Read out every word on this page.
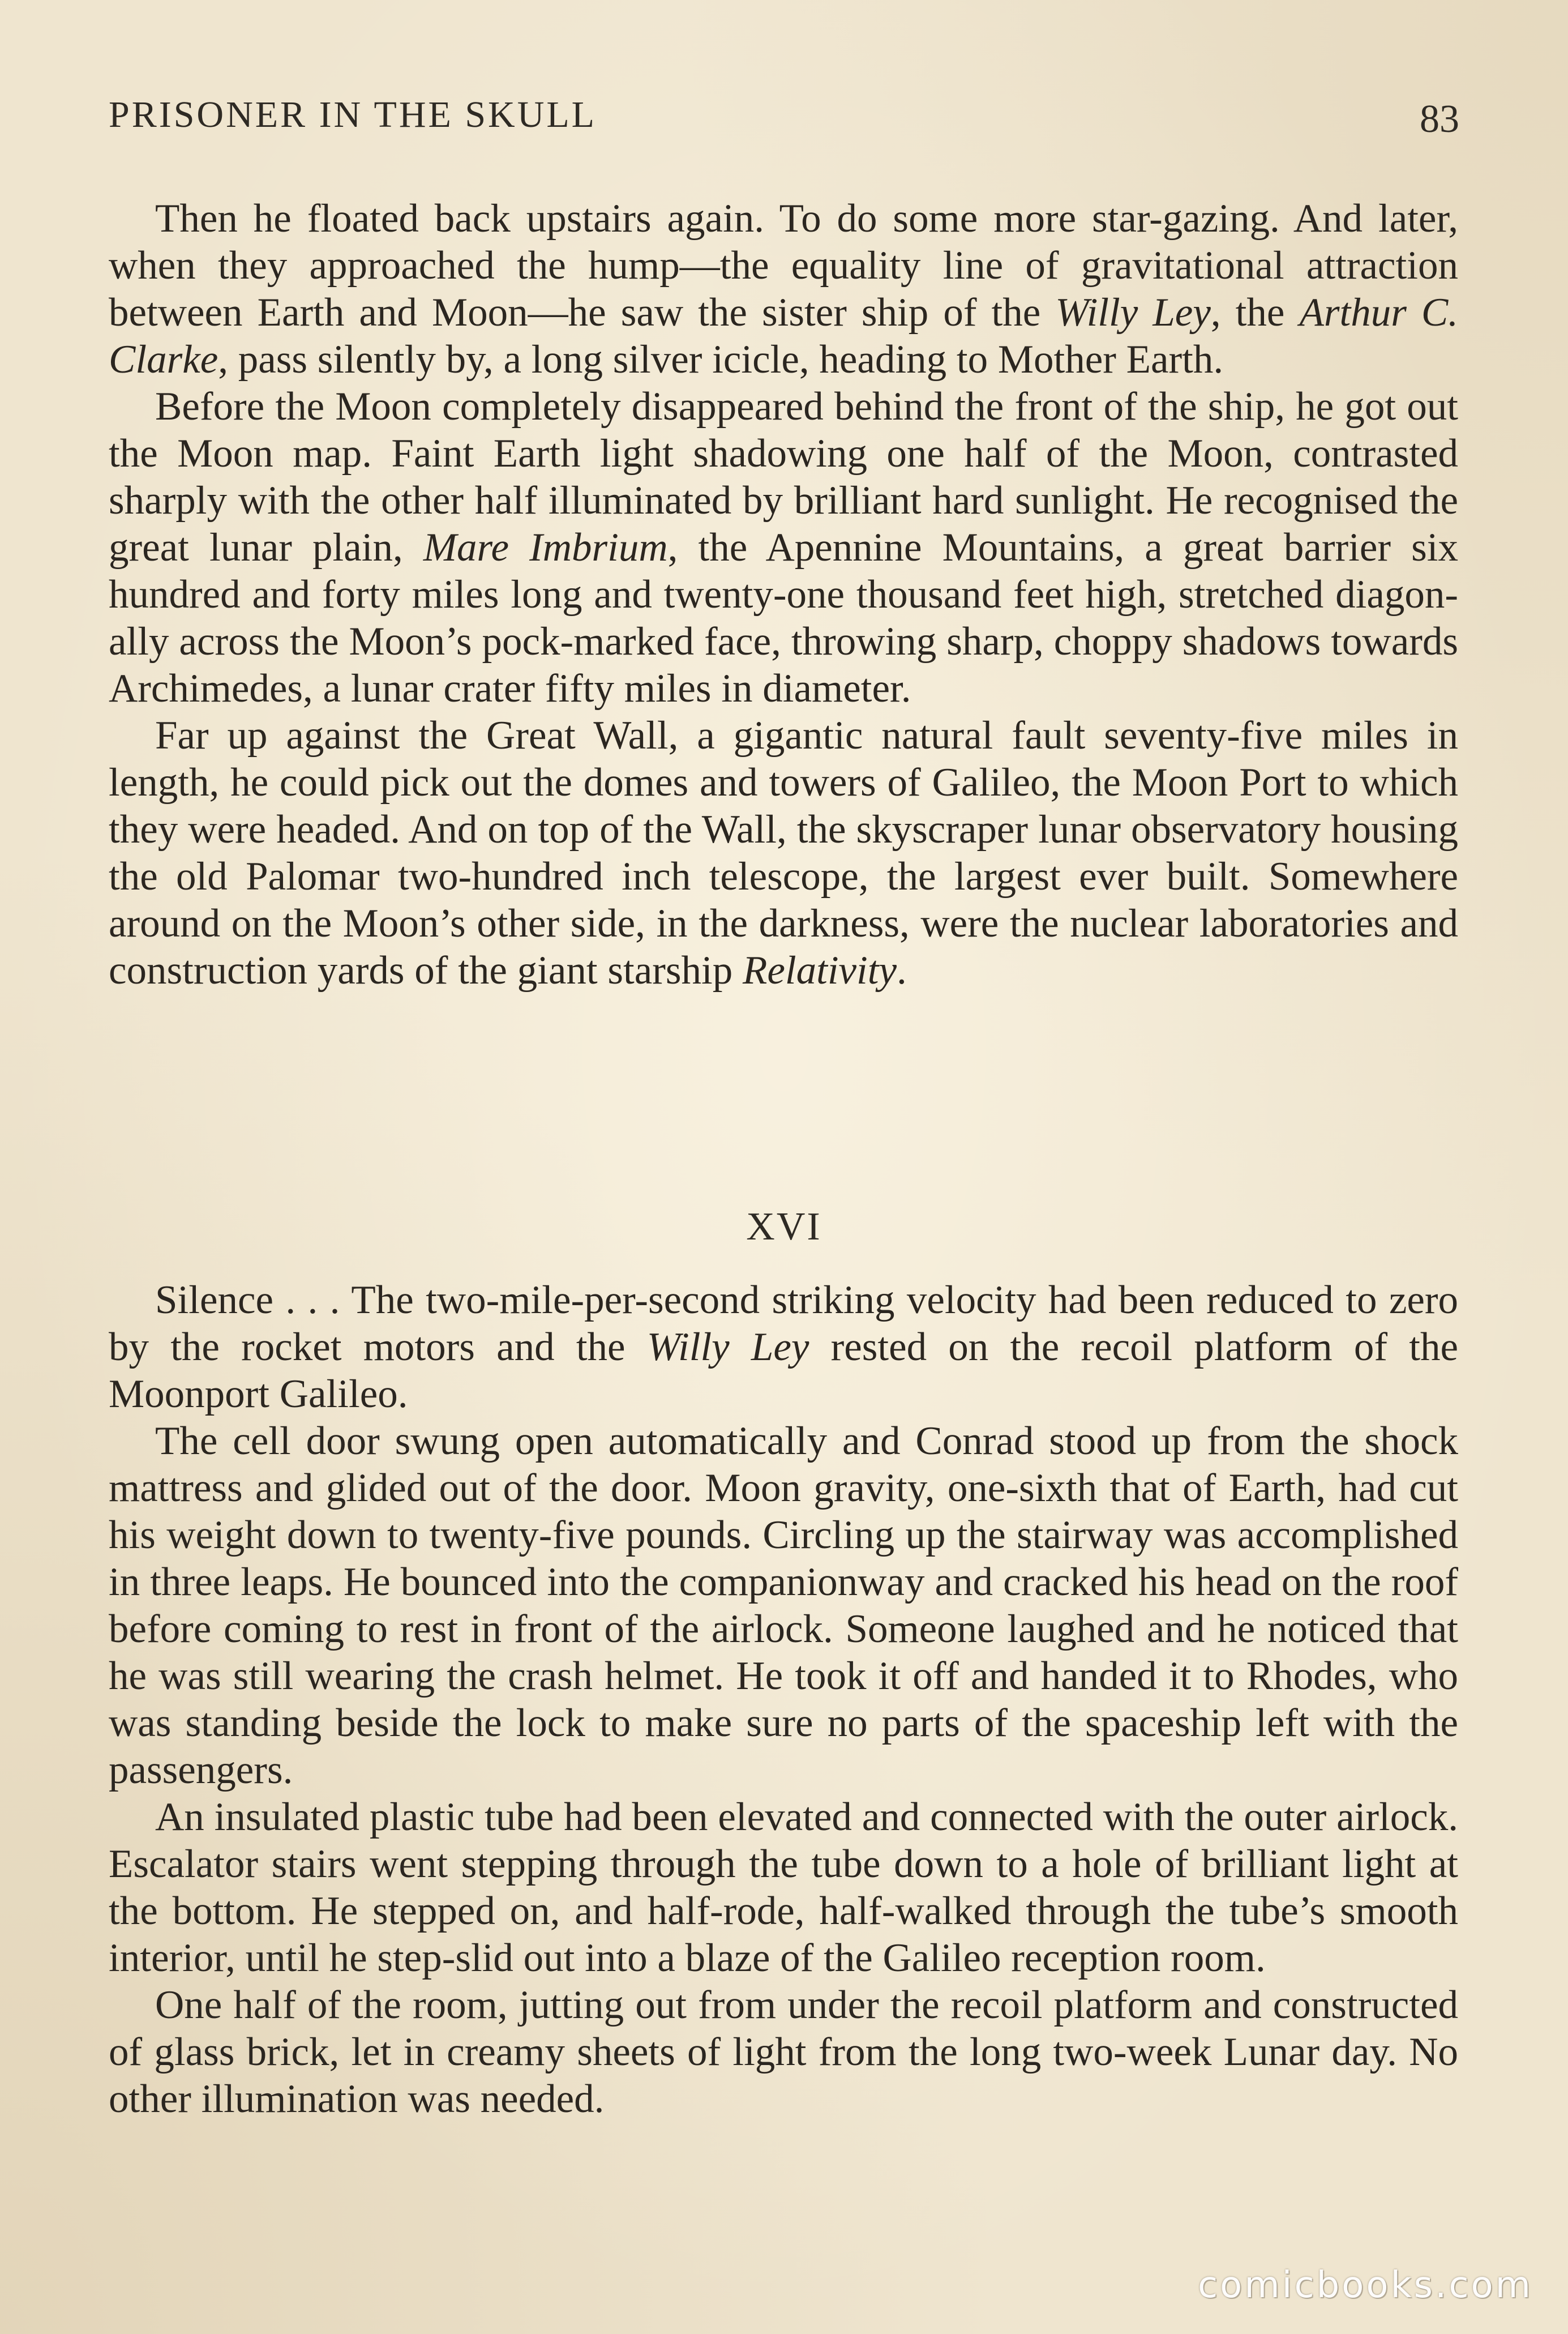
PRISONER IN THE SKULL	83

Then he floated back upstairs again. To do some more star-gazing. And later, when they approached the hump—the equality line of gravitational attraction between Earth and Moon—he saw the sister ship of the Willy Ley, the Arthur C. Clarke, pass silently by, a long silver icicle, heading to Mother Earth.

Before the Moon completely disappeared behind the front of the ship, he got out the Moon map. Faint Earth light shadowing one half of the Moon, contrasted sharply with the other half illuminated by brilliant hard sunlight. He recognised the great lunar plain, Mare Imbrium, the Apennine Mountains, a great barrier six hundred and forty miles long and twenty-one thousand feet high, stretched diagonally across the Moon’s pock-marked face, throwing sharp, choppy shadows towards Archimedes, a lunar crater fifty miles in diameter.

Far up against the Great Wall, a gigantic natural fault seventy-five miles in length, he could pick out the domes and towers of Galileo, the Moon Port to which they were headed. And on top of the Wall, the skyscraper lunar observatory housing the old Palomar two-hundred inch telescope, the largest ever built. Somewhere around on the Moon’s other side, in the darkness, were the nuclear laboratories and construction yards of the giant starship Relativity.

XVI

Silence . . . The two-mile-per-second striking velocity had been reduced to zero by the rocket motors and the Willy Ley rested on the recoil platform of the Moonport Galileo.

The cell door swung open automatically and Conrad stood up from the shock mattress and glided out of the door. Moon gravity, one-sixth that of Earth, had cut his weight down to twenty-five pounds. Circling up the stairway was accomplished in three leaps. He bounced into the companionway and cracked his head on the roof before coming to rest in front of the airlock. Someone laughed and he noticed that he was still wearing the crash helmet. He took it off and handed it to Rhodes, who was standing beside the lock to make sure no parts of the spaceship left with the passengers.

An insulated plastic tube had been elevated and connected with the outer airlock. Escalator stairs went stepping through the tube down to a hole of brilliant light at the bottom. He stepped on, and half-rode, half-walked through the tube’s smooth interior, until he step-slid out into a blaze of the Galileo reception room.

One half of the room, jutting out from under the recoil platform and constructed of glass brick, let in creamy sheets of light from the long two-week Lunar day. No other illumination was needed.

comicbooks.com
